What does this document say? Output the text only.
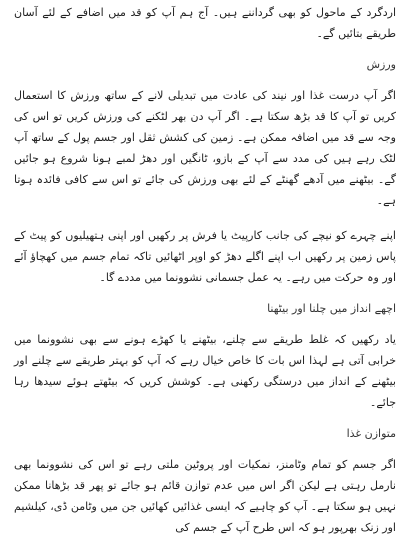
اردگرد کے ماحول کو بھی گرداننے ہیں۔ آج ہم آپ کو قد میں اضافے کے لئے آسان طریقے بتائیں گے۔

ورزش

اگر آپ درست غذا اور نیند کی عادت میں تبدیلی لانے کے ساتھ ورزش کا استعمال کریں تو آپ کا قد بڑھ سکتا ہے۔ اگر آپ دن بھر لٹکنے کی ورزش کریں تو اس کی وجہ سے قد میں اضافہ ممکن ہے۔ زمین کی کشش ثقل اور جسم پول کے ساتھ آپ لٹک رہے ہیں کی مدد سے آپ کے بازو، ٹانگیں اور دھڑ لمبے ہونا شروع ہو جائیں گے۔ بیٹھنے میں آدھے گھنٹے کے لئے بھی ورزش کی جائے تو اس سے کافی فائدہ ہوتا ہے۔

اپنے چہرے کو نیچے کی جانب کارپیٹ یا فرش پر رکھیں اور اپنی ہتھیلیوں کو پیٹ کے پاس زمین پر رکھیں اب اپنے اگلے دھڑ کو اوپر اٹھائیں تاکہ تمام جسم میں کھچاؤ آئے اور وہ حرکت میں رہے۔ یہ عمل جسمانی نشوونما میں مددے گا۔

اچھے انداز میں چلنا اور بیٹھنا

یاد رکھیں کہ غلط طریقے سے چلنے، بیٹھنے یا کھڑے ہونے سے بھی نشوونما میں خرابی آتی ہے لہذا اس بات کا خاص خیال رہے کہ آپ کو بہتر طریقے سے چلنے اور بیٹھنے کے انداز میں درستگی رکھنی ہے۔ کوشش کریں کہ بیٹھتے ہوئے سیدھا رہا جائے۔

متوازن غذا

اگر جسم کو تمام وٹامنز، نمکیات اور پروٹین ملتی رہے تو اس کی نشوونما بھی نارمل رہتی ہے لیکن اگر اس میں عدم توازن قائم ہو جائے تو پھر قد بڑھانا ممکن نہیں ہو سکتا ہے۔ آپ کو چاہیے کہ ایسی غذائیں کھائیں جن میں وٹامن ڈی، کیلشیم اور زنک بھرپور ہو کہ اس طرح آپ کے جسم کی
